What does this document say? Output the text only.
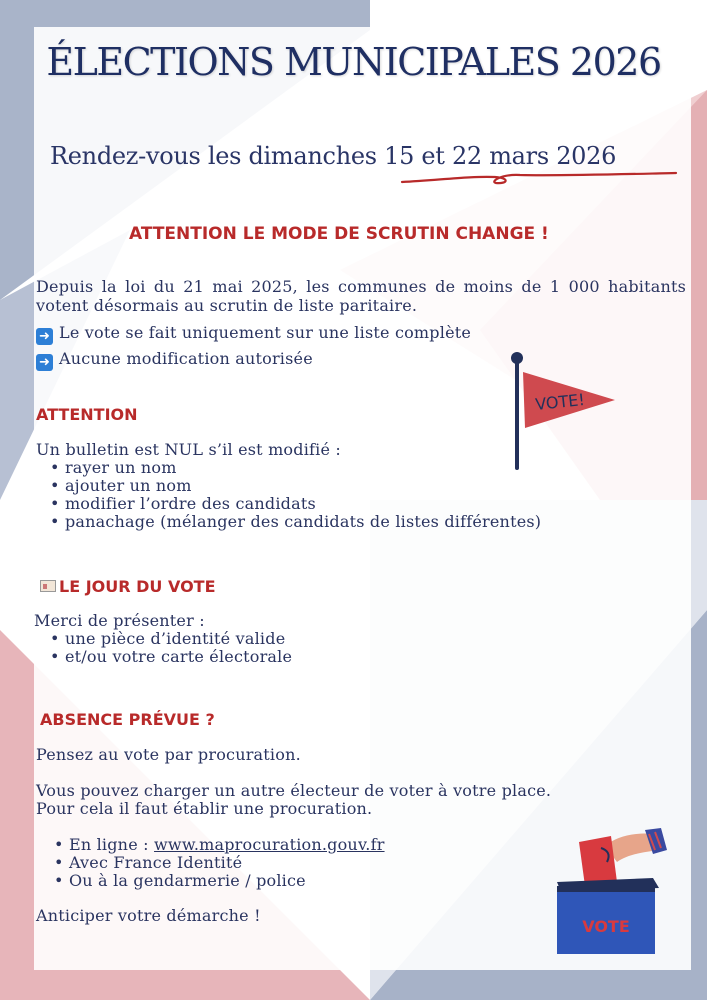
ÉLECTIONS MUNICIPALES 2026
Rendez-vous les dimanches 15 et 22 mars 2026
ATTENTION LE MODE DE SCRUTIN CHANGE !

Depuis la loi du 21 mai 2025, les communes de moins de 1 000 habitants votent désormais au scrutin de liste paritaire.

➜ Le vote se fait uniquement sur une liste complète
➜ Aucune modification autorisée
VOTE!
ATTENTION
Un bulletin est NUL s’il est modifié :
• rayer un nom
• ajouter un nom
• modifier l’ordre des candidats
• panachage (mélanger des candidats de listes différentes)
LE JOUR DU VOTE
Merci de présenter :
• une pièce d’identité valide
• et/ou votre carte électorale
ABSENCE PRÉVUE ?
Pensez au vote par procuration.
Vous pouvez charger un autre électeur de voter à votre place.
Pour cela il faut établir une procuration.
• En ligne : www.maprocuration.gouv.fr
• Avec France Identité
• Ou à la gendarmerie / police
Anticiper votre démarche !
VOTE
